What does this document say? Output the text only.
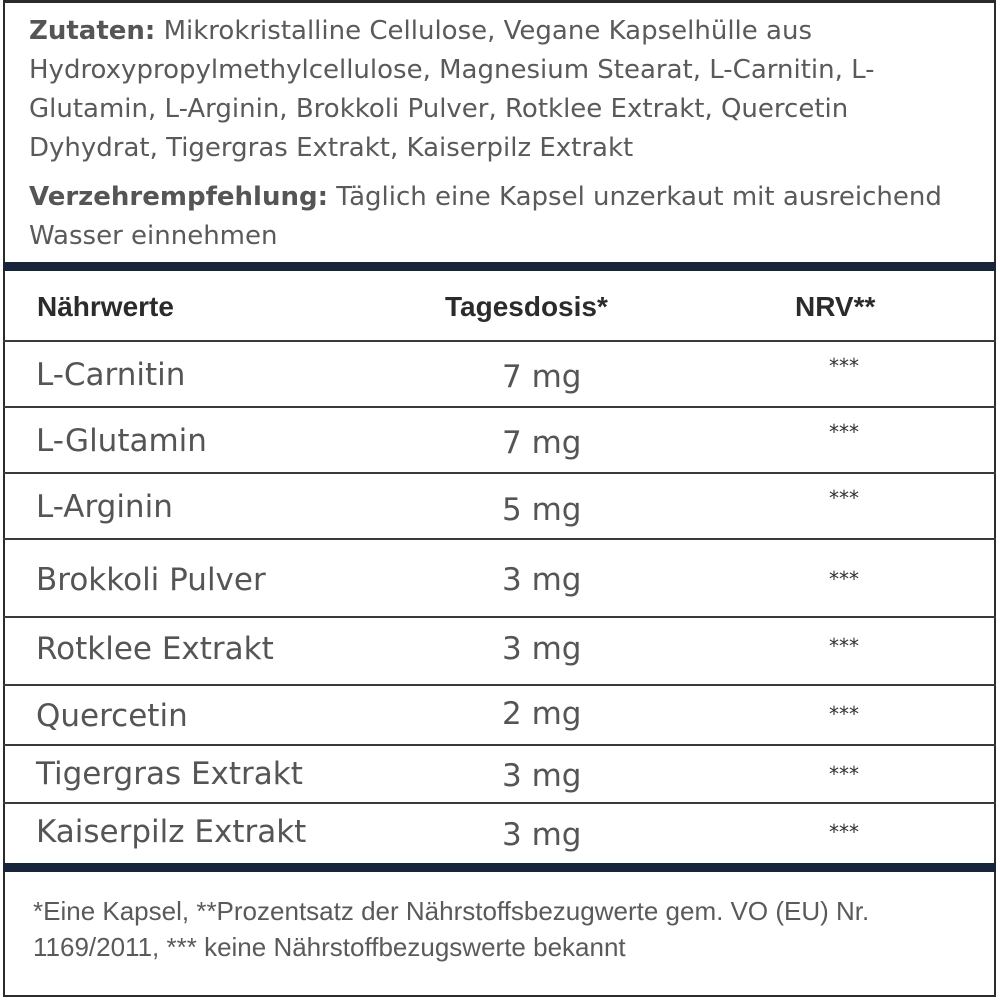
Zutaten: Mikrokristalline Cellulose, Vegane Kapselhülle aus Hydroxypropylmethylcellulose, Magnesium Stearat, L-Carnitin, L-Glutamin, L-Arginin, Brokkoli Pulver, Rotklee Extrakt, Quercetin Dyhydrat, Tigergras Extrakt, Kaiserpilz Extrakt

Verzehrempfehlung: Täglich eine Kapsel unzerkaut mit ausreichend Wasser einnehmen

Nährwerte	Tagesdosis*	NRV**
L-Carnitin	7 mg	***
L-Glutamin	7 mg	***
L-Arginin	5 mg	***
Brokkoli Pulver	3 mg	***
Rotklee Extrakt	3 mg	***
Quercetin	2 mg	***
Tigergras Extrakt	3 mg	***
Kaiserpilz Extrakt	3 mg	***
*Eine Kapsel, **Prozentsatz der Nährstoffsbezugwerte gem. VO (EU) Nr. 1169/2011, *** keine Nährstoffbezugswerte bekannt
